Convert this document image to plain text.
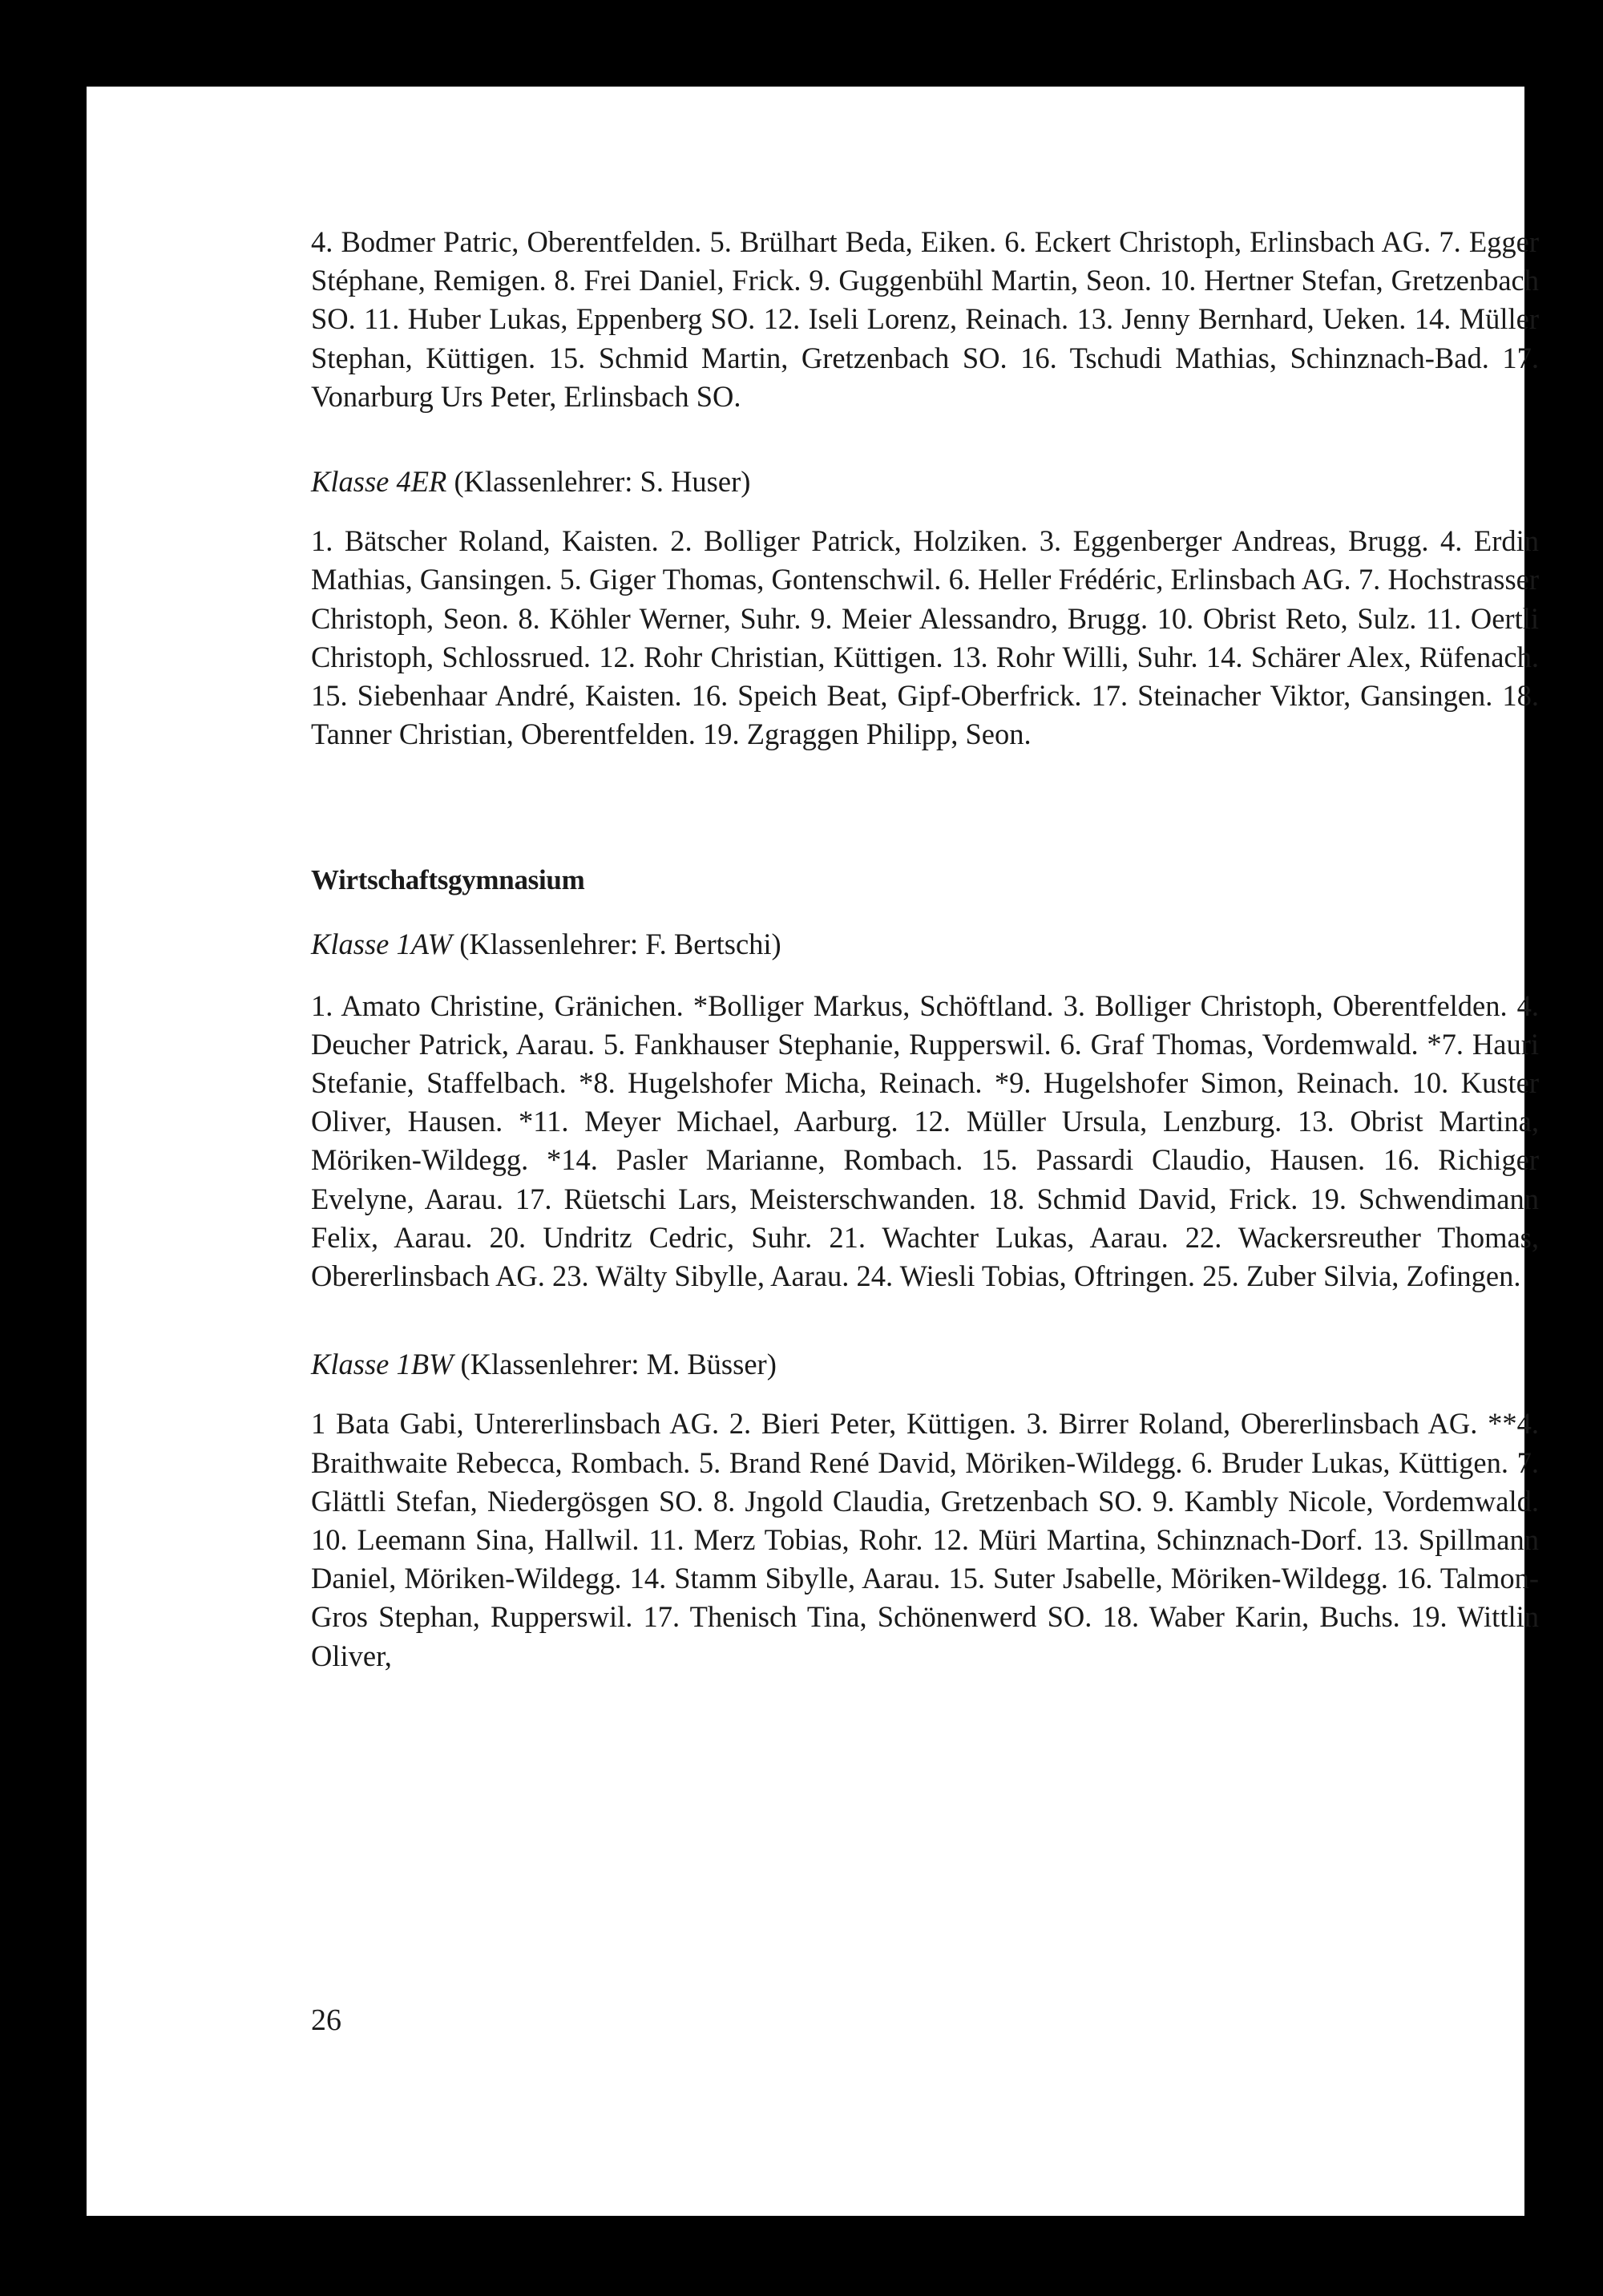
4. Bodmer Patric, Oberentfelden. 5. Brülhart Beda, Eiken. 6. Eckert Christoph, Erlinsbach AG. 7. Egger Stéphane, Remigen. 8. Frei Daniel, Frick. 9. Guggenbühl Martin, Seon. 10. Hertner Stefan, Gretzenbach SO. 11. Huber Lukas, Eppenberg SO. 12. Iseli Lorenz, Reinach. 13. Jenny Bernhard, Ueken. 14. Müller Stephan, Küttigen. 15. Schmid Martin, Gretzenbach SO. 16. Tschudi Mathias, Schinznach-Bad. 17. Vonarburg Urs Peter, Erlinsbach SO.

Klasse 4ER (Klassenlehrer: S. Huser)

1. Bätscher Roland, Kaisten. 2. Bolliger Patrick, Holziken. 3. Eggenberger Andreas, Brugg. 4. Erdin Mathias, Gansingen. 5. Giger Thomas, Gontenschwil. 6. Heller Frédéric, Erlinsbach AG. 7. Hochstrasser Christoph, Seon. 8. Köhler Werner, Suhr. 9. Meier Alessandro, Brugg. 10. Obrist Reto, Sulz. 11. Oertli Christoph, Schlossrued. 12. Rohr Christian, Küttigen. 13. Rohr Willi, Suhr. 14. Schärer Alex, Rüfenach. 15. Siebenhaar André, Kaisten. 16. Speich Beat, Gipf-Oberfrick. 17. Steinacher Viktor, Gansingen. 18. Tanner Christian, Oberentfelden. 19. Zgraggen Philipp, Seon.

Wirtschaftsgymnasium

Klasse 1AW (Klassenlehrer: F. Bertschi)

1. Amato Christine, Gränichen. *Bolliger Markus, Schöftland. 3. Bolliger Christoph, Oberentfelden. 4. Deucher Patrick, Aarau. 5. Fankhauser Stephanie, Rupperswil. 6. Graf Thomas, Vordemwald. *7. Hauri Stefanie, Staffelbach. *8. Hugelshofer Micha, Reinach. *9. Hugelshofer Simon, Reinach. 10. Kuster Oliver, Hausen. *11. Meyer Michael, Aarburg. 12. Müller Ursula, Lenzburg. 13. Obrist Martina, Möriken-Wildegg. *14. Pasler Marianne, Rombach. 15. Passardi Claudio, Hausen. 16. Richiger Evelyne, Aarau. 17. Rüetschi Lars, Meisterschwanden. 18. Schmid David, Frick. 19. Schwendimann Felix, Aarau. 20. Undritz Cedric, Suhr. 21. Wachter Lukas, Aarau. 22. Wackersreuther Thomas, Obererlinsbach AG. 23. Wälty Sibylle, Aarau. 24. Wiesli Tobias, Oftringen. 25. Zuber Silvia, Zofingen.

Klasse 1BW (Klassenlehrer: M. Büsser)

1 Bata Gabi, Untererlinsbach AG. 2. Bieri Peter, Küttigen. 3. Birrer Roland, Obererlinsbach AG. **4. Braithwaite Rebecca, Rombach. 5. Brand René David, Möriken-Wildegg. 6. Bruder Lukas, Küttigen. 7. Glättli Stefan, Niedergösgen SO. 8. Jngold Claudia, Gretzenbach SO. 9. Kambly Nicole, Vordemwald. 10. Leemann Sina, Hallwil. 11. Merz Tobias, Rohr. 12. Müri Martina, Schinznach-Dorf. 13. Spillmann Daniel, Möriken-Wildegg. 14. Stamm Sibylle, Aarau. 15. Suter Jsabelle, Möriken-Wildegg. 16. Talmon-Gros Stephan, Rupperswil. 17. Thenisch Tina, Schönenwerd SO. 18. Waber Karin, Buchs. 19. Wittlin Oliver,

26
